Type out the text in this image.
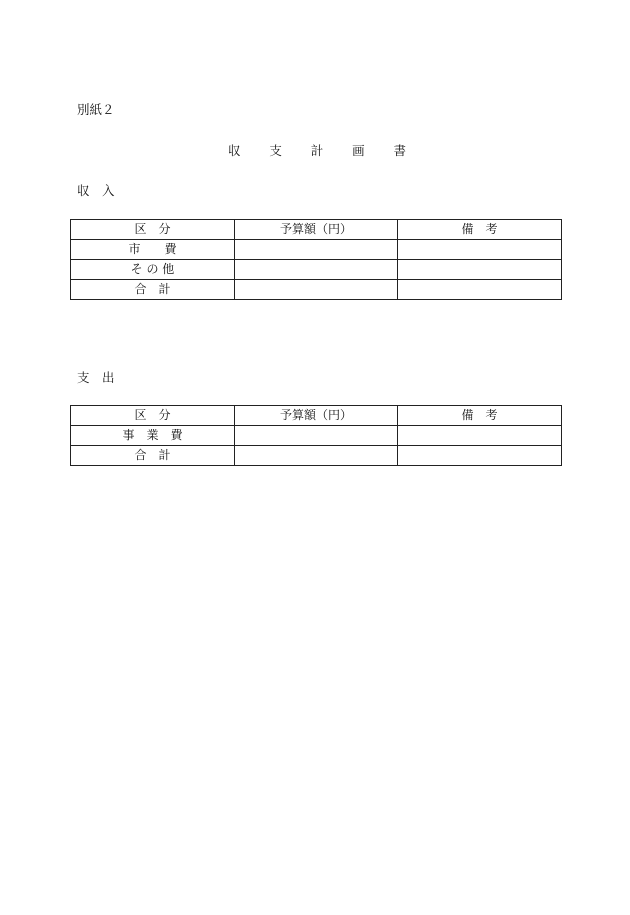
別紙２
収 支 計 画 書
収　入
区　分	予算額（円）	備　考
市　　費		
そ の 他		
合　計		
支　出
区　分	予算額（円）	備　考
事　業　費		
合　計		
